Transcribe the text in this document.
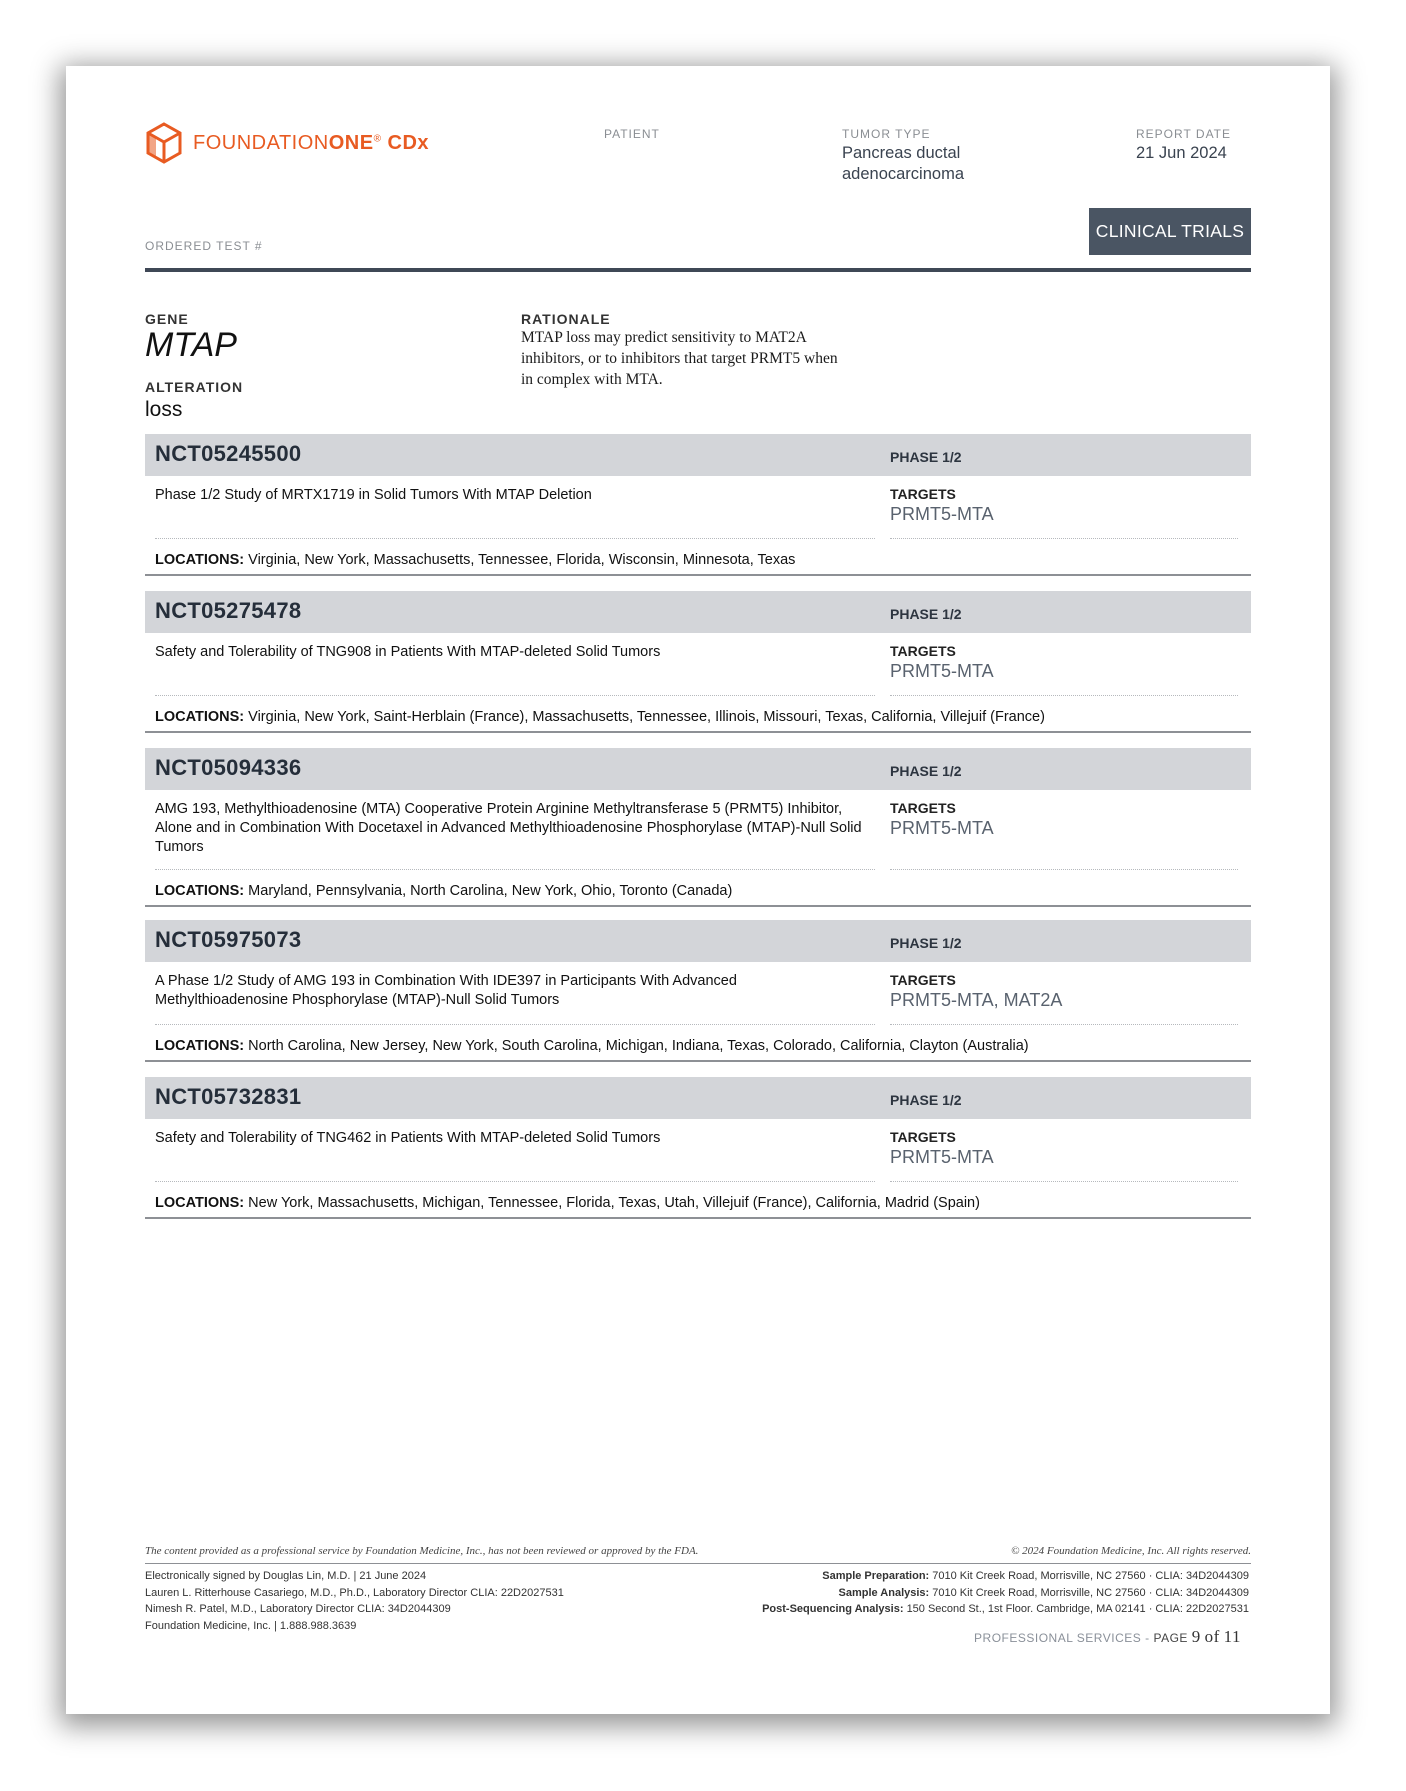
FOUNDATIONONE® CDx	PATIENT	TUMOR TYPE
Pancreas ductal
adenocarcinoma
REPORT DATE
21 Jun 2024
ORDERED TEST #
CLINICAL TRIALS
GENE
MTAP
ALTERATION
loss
RATIONALE
MTAP loss may predict sensitivity to MAT2A inhibitors, or to inhibitors that target PRMT5 when in complex with MTA.
NCT05245500	PHASE 1/2
Phase 1/2 Study of MRTX1719 in Solid Tumors With MTAP Deletion	TARGETS
PRMT5-MTA
LOCATIONS: Virginia, New York, Massachusetts, Tennessee, Florida, Wisconsin, Minnesota, Texas
NCT05275478	PHASE 1/2
Safety and Tolerability of TNG908 in Patients With MTAP-deleted Solid Tumors	TARGETS
PRMT5-MTA
LOCATIONS: Virginia, New York, Saint-Herblain (France), Massachusetts, Tennessee, Illinois, Missouri, Texas, California, Villejuif (France)
NCT05094336	PHASE 1/2
AMG 193, Methylthioadenosine (MTA) Cooperative Protein Arginine Methyltransferase 5 (PRMT5) Inhibitor, Alone and in Combination With Docetaxel in Advanced Methylthioadenosine Phosphorylase (MTAP)-Null Solid Tumors
TARGETS
PRMT5-MTA
LOCATIONS: Maryland, Pennsylvania, North Carolina, New York, Ohio, Toronto (Canada)
NCT05975073	PHASE 1/2
A Phase 1/2 Study of AMG 193 in Combination With IDE397 in Participants With Advanced Methylthioadenosine Phosphorylase (MTAP)-Null Solid Tumors
TARGETS
PRMT5-MTA, MAT2A
LOCATIONS: North Carolina, New Jersey, New York, South Carolina, Michigan, Indiana, Texas, Colorado, California, Clayton (Australia)
NCT05732831	PHASE 1/2
Safety and Tolerability of TNG462 in Patients With MTAP-deleted Solid Tumors	TARGETS
PRMT5-MTA
LOCATIONS: New York, Massachusetts, Michigan, Tennessee, Florida, Texas, Utah, Villejuif (France), California, Madrid (Spain)
The content provided as a professional service by Foundation Medicine, Inc., has not been reviewed or approved by the FDA.	© 2024 Foundation Medicine, Inc. All rights reserved.
Electronically signed by Douglas Lin, M.D. | 21 June 2024
Lauren L. Ritterhouse Casariego, M.D., Ph.D., Laboratory Director CLIA: 22D2027531
Nimesh R. Patel, M.D., Laboratory Director CLIA: 34D2044309
Foundation Medicine, Inc. | 1.888.988.3639
Sample Preparation: 7010 Kit Creek Road, Morrisville, NC 27560 · CLIA: 34D2044309
Sample Analysis: 7010 Kit Creek Road, Morrisville, NC 27560 · CLIA: 34D2044309
Post-Sequencing Analysis: 150 Second St., 1st Floor. Cambridge, MA 02141 · CLIA: 22D2027531
PROFESSIONAL SERVICES - PAGE 9 of 11
